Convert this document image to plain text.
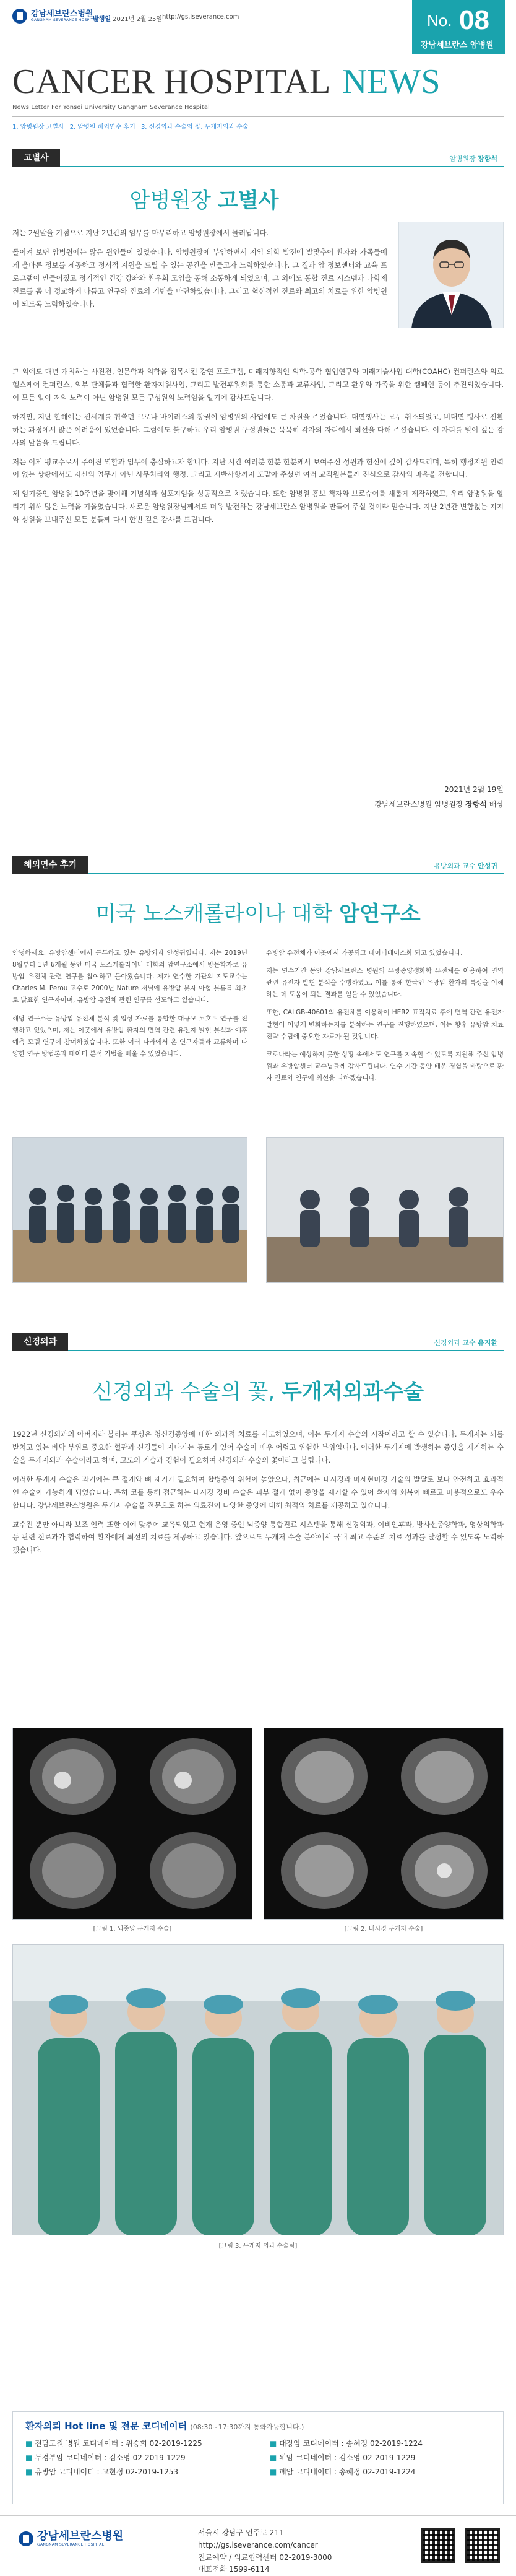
강남세브란스병원
GANGNAM SEVERANCE HOSPITAL
발행일 2021년 2월 25일 http://gs.iseverance.com	No. 08
강남세브란스 암병원
CANCER HOSPITAL NEWS
News Letter For Yonsei University Gangnam Severance Hospital
1. 암병원장 고별사 2. 암병원 해외연수 후기 3. 신경외과 수술의 꽃, 두개저외과 수술
고별사	암병원장 장항석
암병원장 고별사

저는 2월말을 기점으로 지난 2년간의 임무를 마무리하고 암병원장에서 물러납니다.

돌이켜 보면 암병원에는 많은 원인들이 있었습니다. 암병원장에 부임하면서 지역 의학 발전에 발맞추어 환자와 가족들에게 올바른 정보를 제공하고 정서적 지원을 드릴 수 있는 공간을 만들고자 노력하였습니다. 그 결과 암 정보센터와 교육 프로그램이 만들어졌고 정기적인 건강 강좌와 환우회 모임을 통해 소통하게 되었으며, 그 외에도 통합 진료 시스템과 다학제 진료를 좀 더 정교하게 다듬고 연구와 진료의 기반을 마련하였습니다. 그리고 혁신적인 진료와 최고의 치료를 위한 암병원이 되도록 노력하였습니다.

그 외에도 매년 개최하는 사진전, 인문학과 의학을 접목시킨 강연 프로그램, 미래지향적인 의학-공학 협업연구와 미래기술사업 대학(COAHC) 컨퍼런스와 의료 헬스케어 컨퍼런스, 외부 단체들과 협력한 환자지원사업, 그리고 발전후원회를 통한 소통과 교류사업, 그리고 환우와 가족을 위한 캠페인 등이 추진되었습니다. 이 모든 일이 저의 노력이 아닌 암병원 모든 구성원의 노력임을 알기에 감사드립니다.

하지만, 지난 한해에는 전세계를 휩쓸던 코로나 바이러스의 창궐이 암병원의 사업에도 큰 차질을 주었습니다. 대면행사는 모두 취소되었고, 비대면 행사로 전환하는 과정에서 많은 어려움이 있었습니다. 그럼에도 불구하고 우리 암병원 구성원들은 묵묵히 각자의 자리에서 최선을 다해 주셨습니다. 이 자리를 빌어 깊은 감사의 말씀을 드립니다.

저는 이제 평교수로서 주어진 역할과 임무에 충실하고자 합니다. 지난 시간 여러분 한분 한분께서 보여주신 성원과 헌신에 깊이 감사드리며, 특히 행정지원 인력이 없는 상황에서도 자신의 업무가 아닌 사무처리와 행정, 그리고 제반사항까지 도맡아 주셨던 여러 교직원분들께 진심으로 감사의 마음을 전합니다.

제 임기중인 암병원 10주년을 맞이해 기념식과 심포지엄을 성공적으로 치렀습니다. 또한 암병원 홍보 책자와 브로슈어를 새롭게 제작하였고, 우리 암병원을 알리기 위해 많은 노력을 기울였습니다. 새로운 암병원장님께서도 더욱 발전하는 강남세브란스 암병원을 만들어 주실 것이라 믿습니다. 지난 2년간 변함없는 지지와 성원을 보내주신 모든 분들께 다시 한번 깊은 감사를 드립니다.

2021년 2월 19일
강남세브란스병원 암병원장 장항석 배상
해외연수 후기	유방외과 교수 안성귀
미국 노스캐롤라이나 대학 암연구소

안녕하세요, 유방암센터에서 근무하고 있는 유방외과 안성귀입니다. 저는 2019년 8월부터 1년 6개월 동안 미국 노스캐롤라이나 대학의 암연구소에서 방문학자로 유방암 유전체 관련 연구를 참여하고 돌아왔습니다. 제가 연수한 기관의 지도교수는 Charles M. Perou 교수로 2000년 Nature 저널에 유방암 분자 아형 분류를 최초로 발표한 연구자이며, 유방암 유전체 관련 연구를 선도하고 있습니다.

해당 연구소는 유방암 유전체 분석 및 임상 자료를 통합한 대규모 코호트 연구를 진행하고 있었으며, 저는 이곳에서 유방암 환자의 면역 관련 유전자 발현 분석과 예후 예측 모델 연구에 참여하였습니다. 또한 여러 나라에서 온 연구자들과 교류하며 다양한 연구 방법론과 데이터 분석 기법을 배울 수 있었습니다.

유방암 유전체가 이곳에서 가공되고 데이터베이스화 되고 있었습니다.

저는 연수기간 동안 강남세브란스 병원의 유방종양생화학 유전체를 이용하여 면역 관련 유전자 발현 분석을 수행하였고, 이를 통해 한국인 유방암 환자의 특성을 이해하는 데 도움이 되는 결과를 얻을 수 있었습니다.

또한, CALGB-40601의 유전체를 이용하여 HER2 표적치료 후에 면역 관련 유전자 발현이 어떻게 변화하는지를 분석하는 연구를 진행하였으며, 이는 향후 유방암 치료 전략 수립에 중요한 자료가 될 것입니다.

코로나라는 예상하지 못한 상황 속에서도 연구를 지속할 수 있도록 지원해 주신 암병원과 유방암센터 교수님들께 감사드립니다. 연수 기간 동안 배운 경험을 바탕으로 환자 진료와 연구에 최선을 다하겠습니다.

신경외과	신경외과 교수 유지환
신경외과 수술의 꽃, 두개저외과수술

1922년 신경외과의 아버지라 불리는 쿠싱은 청신경종양에 대한 외과적 치료를 시도하였으며, 이는 두개저 수술의 시작이라고 할 수 있습니다. 두개저는 뇌를 받치고 있는 바닥 부위로 중요한 혈관과 신경들이 지나가는 통로가 있어 수술이 매우 어렵고 위험한 부위입니다. 이러한 두개저에 발생하는 종양을 제거하는 수술을 두개저외과 수술이라고 하며, 고도의 기술과 경험이 필요하여 신경외과 수술의 꽃이라고 불립니다.

이러한 두개저 수술은 과거에는 큰 절개와 뼈 제거가 필요하여 합병증의 위험이 높았으나, 최근에는 내시경과 미세현미경 기술의 발달로 보다 안전하고 효과적인 수술이 가능하게 되었습니다. 특히 코를 통해 접근하는 내시경 경비 수술은 피부 절개 없이 종양을 제거할 수 있어 환자의 회복이 빠르고 미용적으로도 우수합니다. 강남세브란스병원은 두개저 수술을 전문으로 하는 의료진이 다양한 종양에 대해 최적의 치료를 제공하고 있습니다.

교수진 뿐만 아니라 보조 인력 또한 이에 맞추어 교육되었고 현재 운영 중인 뇌종양 통합진료 시스템을 통해 신경외과, 이비인후과, 방사선종양학과, 영상의학과 등 관련 진료과가 협력하여 환자에게 최선의 치료를 제공하고 있습니다. 앞으로도 두개저 수술 분야에서 국내 최고 수준의 치료 성과를 달성할 수 있도록 노력하겠습니다.

[그림 1. 뇌종양 두개저 수술]	[그림 2. 내시경 두개저 수술]
[그림 3. 두개저 외과 수술팀]
환자의뢰 Hot line 및 전문 코디네이터 (08:30~17:30까지 통화가능합니다.)
■ 전담도원 병원 코디네이터 : 위승희 02-2019-1225	■ 대장암 코디네이터 : 송혜정 02-2019-1224
■ 두경부암 코디네이터 : 김소영 02-2019-1229	■ 위암 코디네이터 : 김소영 02-2019-1229
■ 유방암 코디네이터 : 고현정 02-2019-1253	■ 폐암 코디네이터 : 송혜정 02-2019-1224
강남세브란스병원
GANGNAM SEVERANCE HOSPITAL
서울시 강남구 언주로 211
http://gs.iseverance.com/cancer
진료예약 / 의료협력센터 02-2019-3000
대표전화 1599-6114
